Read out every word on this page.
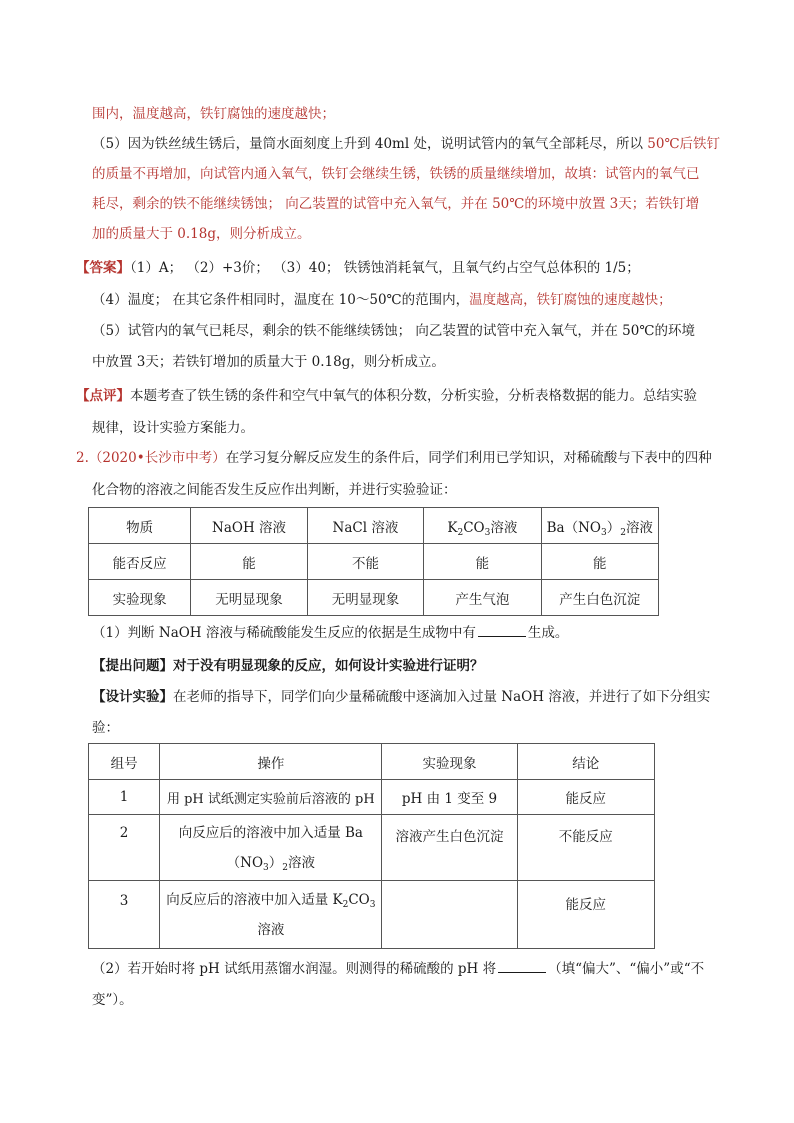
围内，温度越高，铁钉腐蚀的速度越快；
（5）因为铁丝绒生锈后，量筒水面刻度上升到 40ml 处，说明试管内的氧气全部耗尽，所以 50℃后铁钉
的质量不再增加，向试管内通入氧气，铁钉会继续生锈，铁锈的质量继续增加，故填：试管内的氧气已
耗尽，剩余的铁不能继续锈蚀； 向乙装置的试管中充入氧气，并在 50℃的环境中放置 3天；若铁钉增
加的质量大于 0.18g，则分析成立。
【答案】（1）A； （2）+3价； （3）40； 铁锈蚀消耗氧气，且氧气约占空气总体积的 1/5；
（4）温度； 在其它条件相同时，温度在 10～50℃的范围内，温度越高，铁钉腐蚀的速度越快；
（5）试管内的氧气已耗尽，剩余的铁不能继续锈蚀； 向乙装置的试管中充入氧气，并在 50℃的环境
中放置 3天；若铁钉增加的质量大于 0.18g，则分析成立。
【点评】本题考查了铁生锈的条件和空气中氧气的体积分数，分析实验，分析表格数据的能力。总结实验
规律，设计实验方案能力。
2.（2020•长沙市中考）在学习复分解反应发生的条件后，同学们利用已学知识，对稀硫酸与下表中的四种
化合物的溶液之间能否发生反应作出判断，并进行实验验证：
物质	NaOH 溶液	NaCl 溶液	$K_2CO_3$溶液	$Ba(NO_3)_2$溶液
能否反应	能	不能	能	能
实验现象	无明显现象	无明显现象	产生气泡	产生白色沉淀
（1）判断 NaOH 溶液与稀硫酸能发生反应的依据是生成物中有	生成。
【提出问题】对于没有明显现象的反应，如何设计实验进行证明？
【设计实验】在老师的指导下，同学们向少量稀硫酸中逐滴加入过量 NaOH 溶液，并进行了如下分组实
验：
组号	操作	实验现象	结论
1	用 pH 试纸测定实验前后溶液的 pH	pH 由 1 变至 9	能反应
2	向反应后的溶液中加入适量 Ba
$(NO_3)_2$溶液	溶液产生白色沉淀	不能反应
3	向反应后的溶液中加入适量 $K_2CO_3$
溶液		能反应
（2）若开始时将 pH 试纸用蒸馏水润湿。则测得的稀硫酸的 pH 将	（填“偏大”、“偏小”或“不
变”）。
